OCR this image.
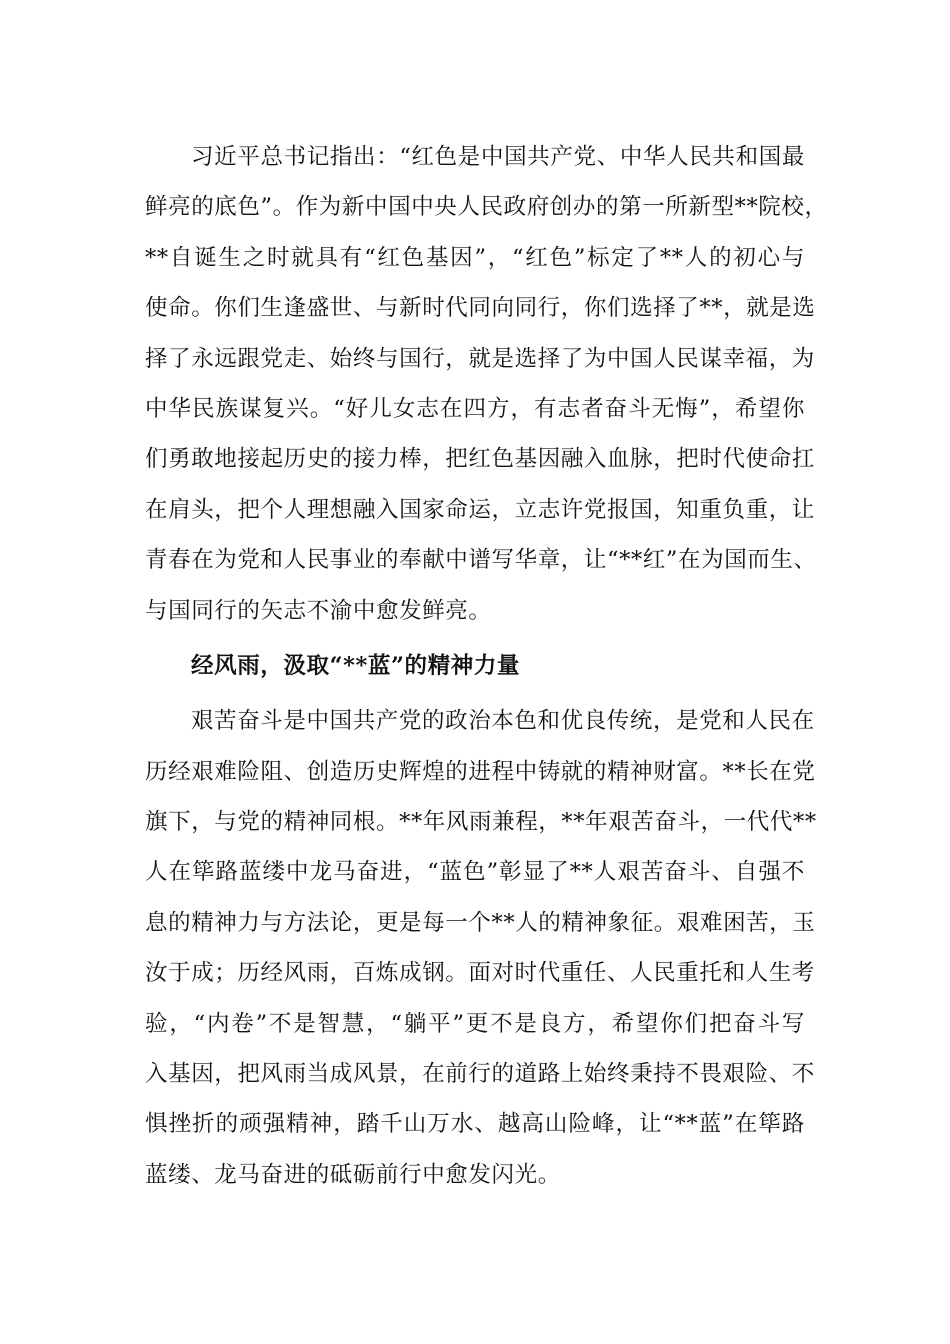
习近平总书记指出：“红色是中国共产党、中华人民共和国最
鲜亮的底色”。作为新中国中央人民政府创办的第一所新型**院校，
**自诞生之时就具有“红色基因”，“红色”标定了**人的初心与
使命。你们生逢盛世、与新时代同向同行，你们选择了**，就是选
择了永远跟党走、始终与国行，就是选择了为中国人民谋幸福，为
中华民族谋复兴。“好儿女志在四方，有志者奋斗无悔”，希望你
们勇敢地接起历史的接力棒，把红色基因融入血脉，把时代使命扛
在肩头，把个人理想融入国家命运，立志许党报国，知重负重，让
青春在为党和人民事业的奉献中谱写华章，让“**红”在为国而生、
与国同行的矢志不渝中愈发鲜亮。
经风雨，汲取“**蓝”的精神力量
艰苦奋斗是中国共产党的政治本色和优良传统，是党和人民在
历经艰难险阻、创造历史辉煌的进程中铸就的精神财富。**长在党
旗下，与党的精神同根。**年风雨兼程，**年艰苦奋斗，一代代**
人在筚路蓝缕中龙马奋进，“蓝色”彰显了**人艰苦奋斗、自强不
息的精神力与方法论，更是每一个**人的精神象征。艰难困苦，玉
汝于成；历经风雨，百炼成钢。面对时代重任、人民重托和人生考
验，“内卷”不是智慧，“躺平”更不是良方，希望你们把奋斗写
入基因，把风雨当成风景，在前行的道路上始终秉持不畏艰险、不
惧挫折的顽强精神，踏千山万水、越高山险峰，让“**蓝”在筚路
蓝缕、龙马奋进的砥砺前行中愈发闪光。
